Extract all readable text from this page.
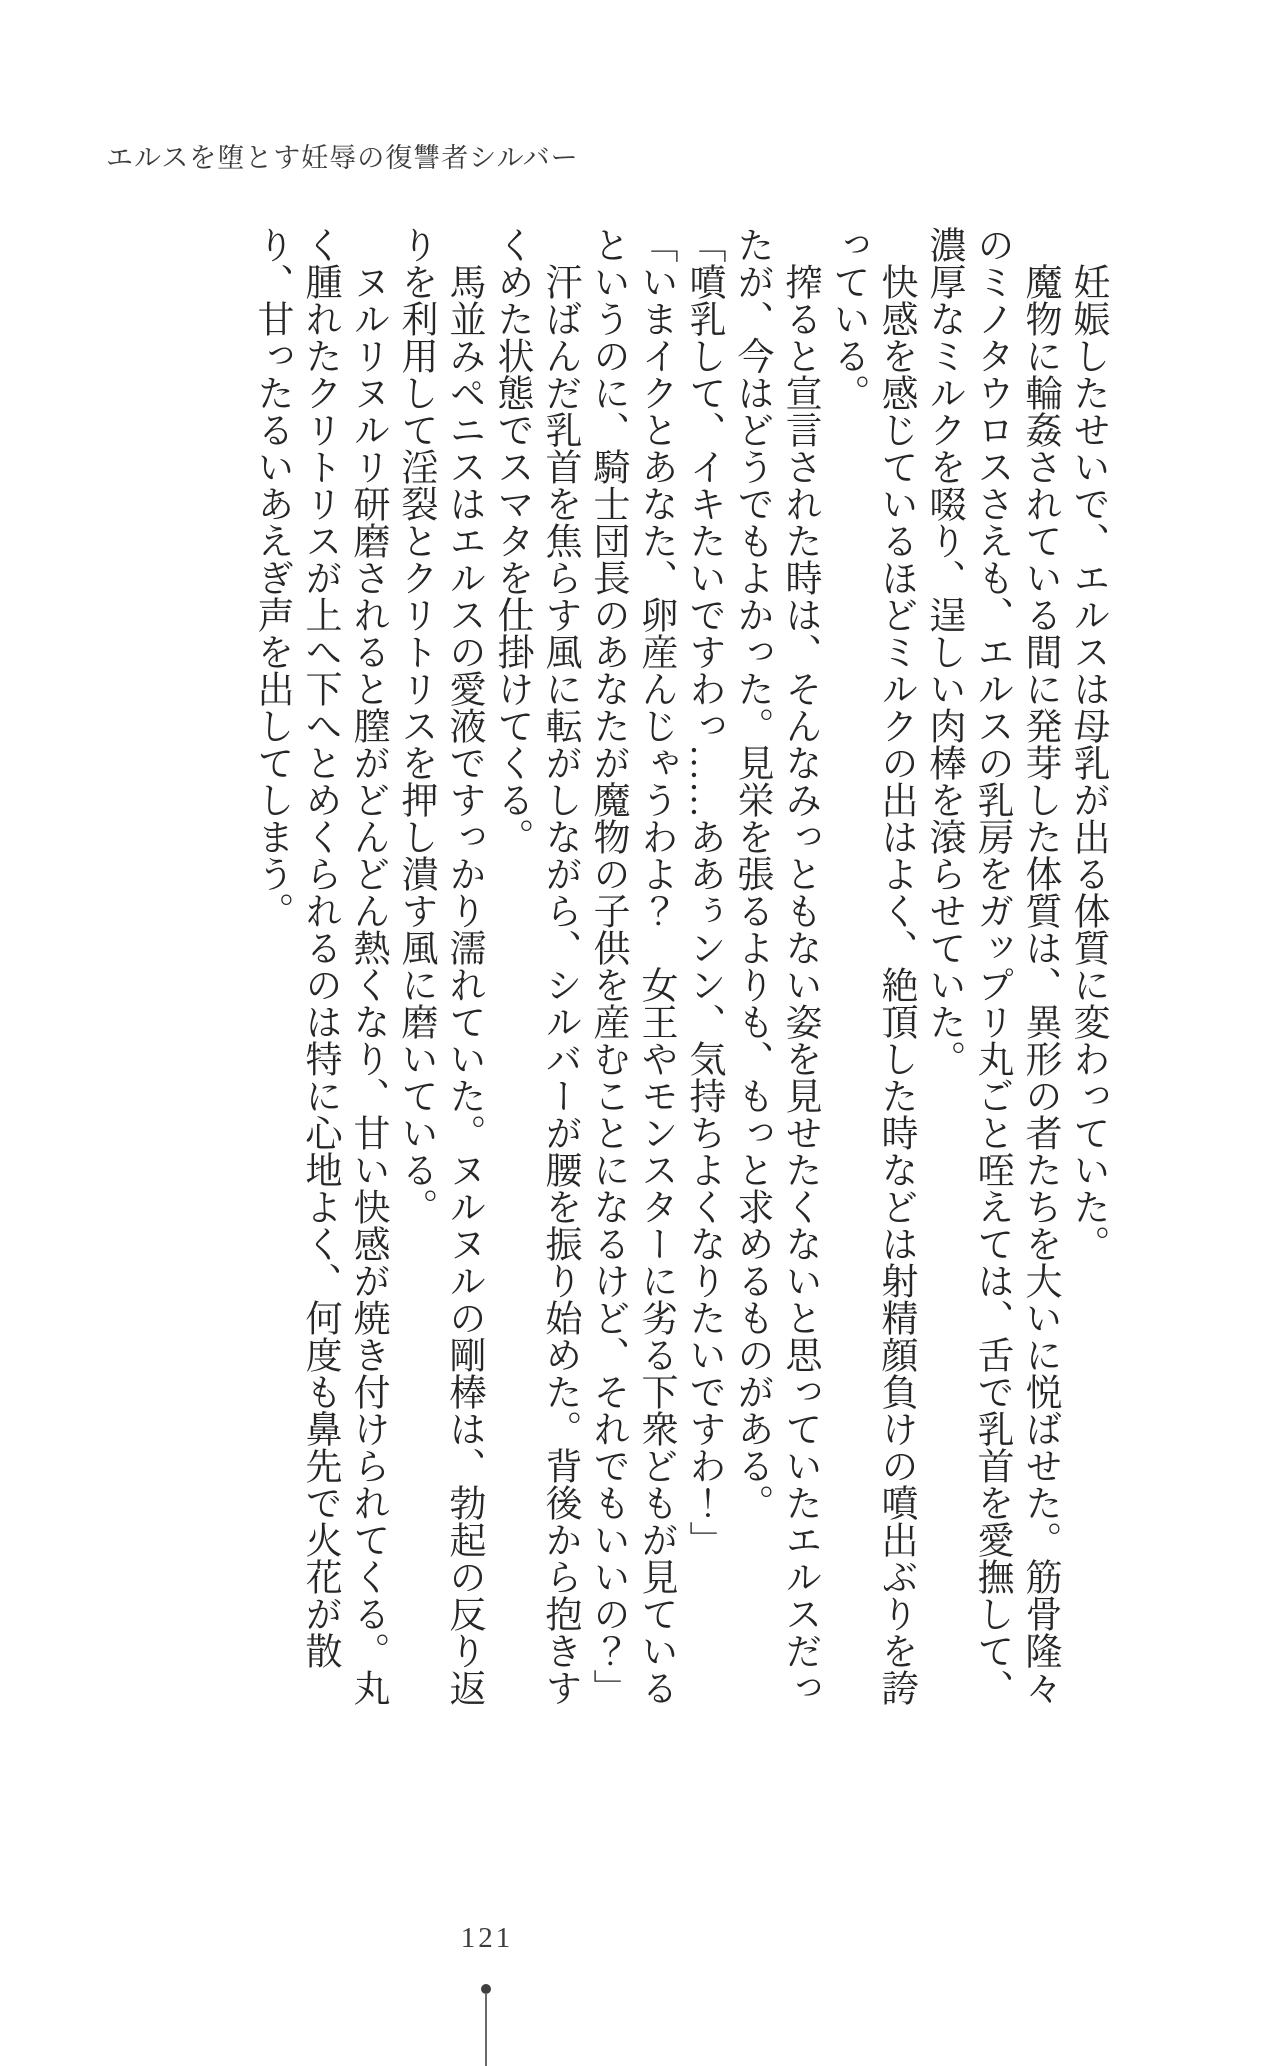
エルスを堕とす妊辱の復讐者シルバー

妊娠したせいで、エルスは母乳が出る体質に変わっていた。

魔物に輪姦されている間に発芽した体質は、異形の者たちを大いに悦ばせた。筋骨隆々のミノタウロスさえも、エルスの乳房をガップリ丸ごと咥えては、舌で乳首を愛撫して、濃厚なミルクを啜り、逞しい肉棒を滾らせていた。

快感を感じているほどミルクの出はよく、絶頂した時などは射精顔負けの噴出ぶりを誇っている。

搾ると宣言された時は、そんなみっともない姿を見せたくないと思っていたエルスだったが、今はどうでもよかった。見栄を張るよりも、もっと求めるものがある。

「噴乳して、イキたいですわっ……ああぅンン、気持ちよくなりたいですわ！」

「いまイクとあなた、卵産んじゃうわよ？　女王やモンスターに劣る下衆どもが見ているというのに、騎士団長のあなたが魔物の子供を産むことになるけど、それでもいいの？」

汗ばんだ乳首を焦らす風に転がしながら、シルバーが腰を振り始めた。背後から抱きすくめた状態でスマタを仕掛けてくる。

馬並みペニスはエルスの愛液ですっかり濡れていた。ヌルヌルの剛棒は、勃起の反り返りを利用して淫裂とクリトリスを押し潰す風に磨いている。

ヌルリヌルリ研磨されると膣がどんどん熱くなり、甘い快感が焼き付けられてくる。丸く腫れたクリトリスが上へ下へとめくられるのは特に心地よく、何度も鼻先で火花が散り、甘ったるいあえぎ声を出してしまう。

121
